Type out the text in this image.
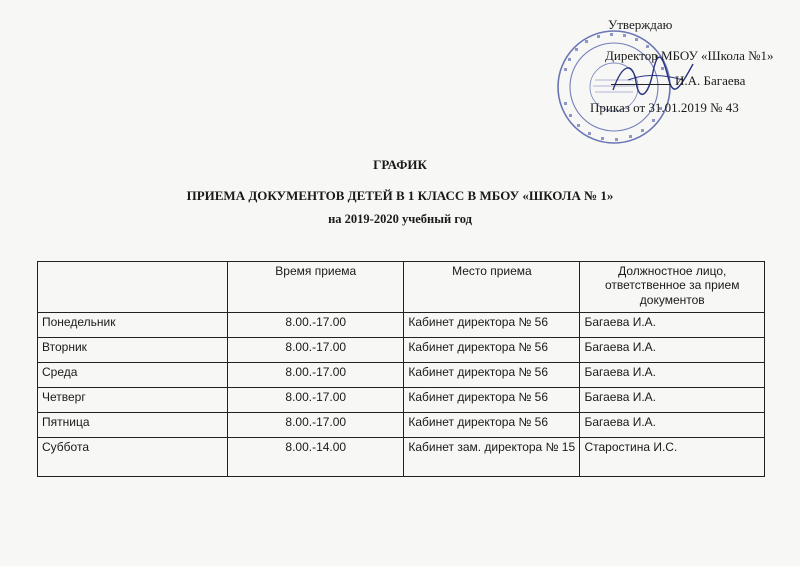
Утверждаю
Директор МБОУ «Школа №1»
И.А. Багаева
Приказ от 31.01.2019 № 43
ГРАФИК
ПРИЕМА ДОКУМЕНТОВ ДЕТЕЙ В 1 КЛАСС В МБОУ «ШКОЛА № 1»
на 2019-2020 учебный год
	Время приема	Место приема	Должностное лицо, ответственное за прием документов
Понедельник	8.00.-17.00	Кабинет директора № 56	Багаева И.А.
Вторник	8.00.-17.00	Кабинет директора № 56	Багаева И.А.
Среда	8.00.-17.00	Кабинет директора № 56	Багаева И.А.
Четверг	8.00.-17.00	Кабинет директора № 56	Багаева И.А.
Пятница	8.00.-17.00	Кабинет директора № 56	Багаева И.А.
Суббота	8.00.-14.00	Кабинет зам. директора № 15	Старостина И.С.
